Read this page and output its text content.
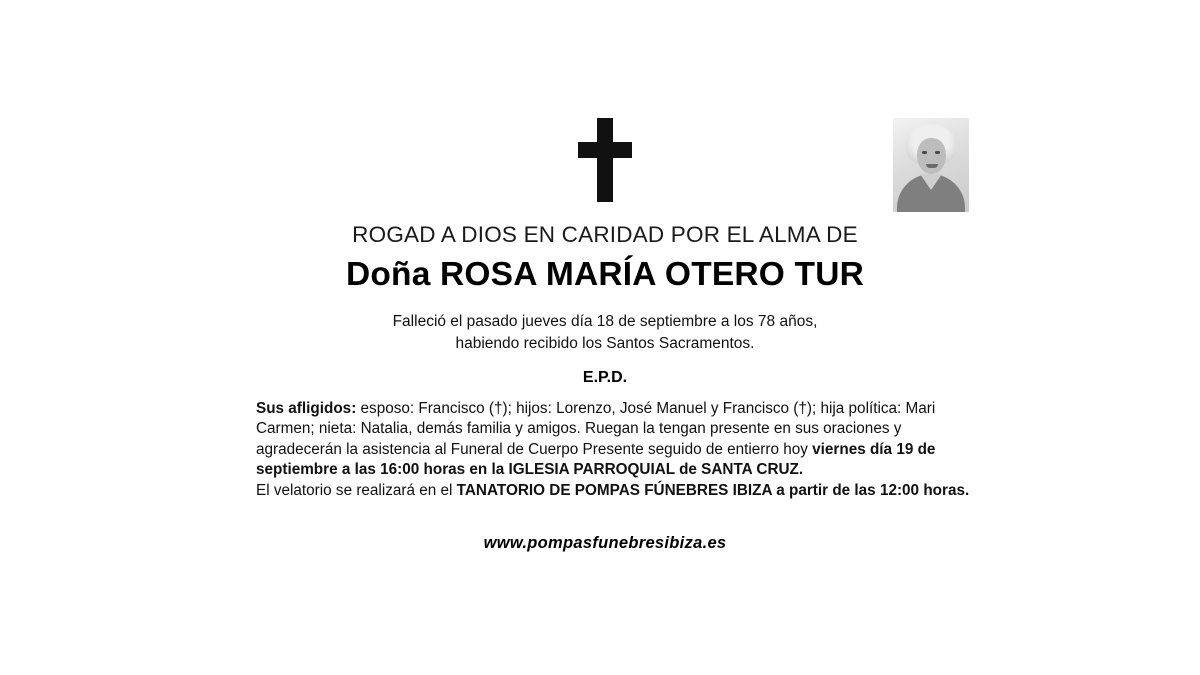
ROGAD A DIOS EN CARIDAD POR EL ALMA DE
Doña ROSA MARÍA OTERO TUR
Falleció el pasado jueves día 18 de septiembre a los 78 años,
habiendo recibido los Santos Sacramentos.
E.P.D.

Sus afligidos: esposo: Francisco (†); hijos: Lorenzo, José Manuel y Francisco (†); hija política: Mari Carmen; nieta: Natalia, demás familia y amigos. Ruegan la tengan presente en sus oraciones y agradecerán la asistencia al Funeral de Cuerpo Presente seguido de entierro hoy viernes día 19 de septiembre a las 16:00 horas en la IGLESIA PARROQUIAL de SANTA CRUZ.

El velatorio se realizará en el TANATORIO DE POMPAS FÚNEBRES IBIZA a partir de las 12:00 horas.

www.pompasfunebresibiza.es
